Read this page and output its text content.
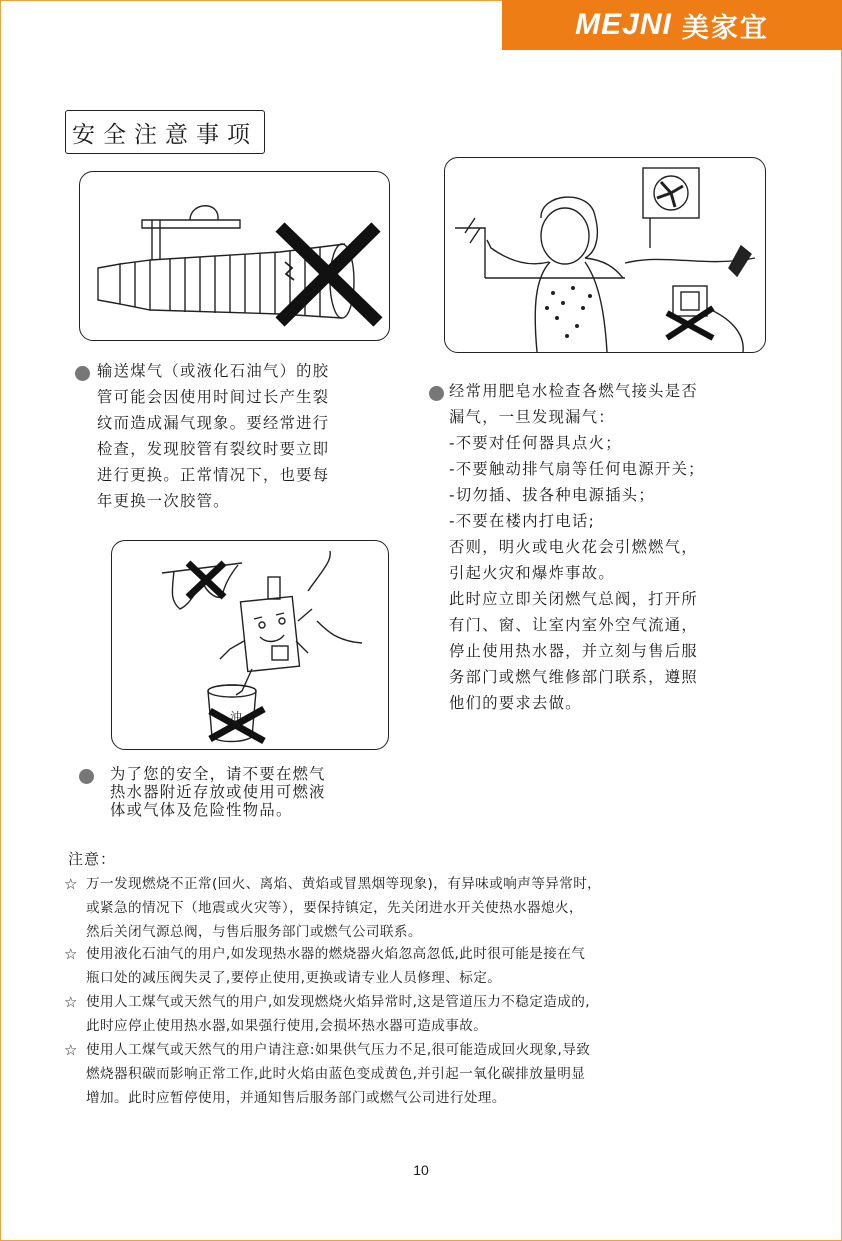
MEJNI 美家宜
安全注意事项
输送煤气（或液化石油气）的胶
管可能会因使用时间过长产生裂
纹而造成漏气现象。要经常进行
检查，发现胶管有裂纹时要立即
进行更换。正常情况下，也要每
年更换一次胶管。
经常用肥皂水检查各燃气接头是否
漏气，一旦发现漏气：
-不要对任何器具点火；
-不要触动排气扇等任何电源开关；
-切勿插、拔各种电源插头；
-不要在楼内打电话;
否则，明火或电火花会引燃燃气，
引起火灾和爆炸事故。
此时应立即关闭燃气总阀，打开所
有门、窗、让室内室外空气流通，
停止使用热水器，并立刻与售后服
务部门或燃气维修部门联系，遵照
他们的要求去做。
油
为了您的安全，请不要在燃气
热水器附近存放或使用可燃液
体或气体及危险性物品。
注意：
☆ 万一发现燃烧不正常(回火、离焰、黄焰或冒黑烟等现象)，有异味或响声等异常时，
或紧急的情况下（地震或火灾等），要保持镇定，先关闭进水开关使热水器熄火，
然后关闭气源总阀，与售后服务部门或燃气公司联系。
☆ 使用液化石油气的用户,如发现热水器的燃烧器火焰忽高忽低,此时很可能是接在气
瓶口处的减压阀失灵了,要停止使用,更换或请专业人员修理、标定。
☆ 使用人工煤气或天然气的用户,如发现燃烧火焰异常时,这是管道压力不稳定造成的,
此时应停止使用热水器,如果强行使用,会损坏热水器可造成事故。
☆ 使用人工煤气或天然气的用户请注意:如果供气压力不足,很可能造成回火现象,导致
燃烧器积碳而影响正常工作,此时火焰由蓝色变成黄色,并引起一氧化碳排放量明显
增加。此时应暂停使用，并通知售后服务部门或燃气公司进行处理。
10
